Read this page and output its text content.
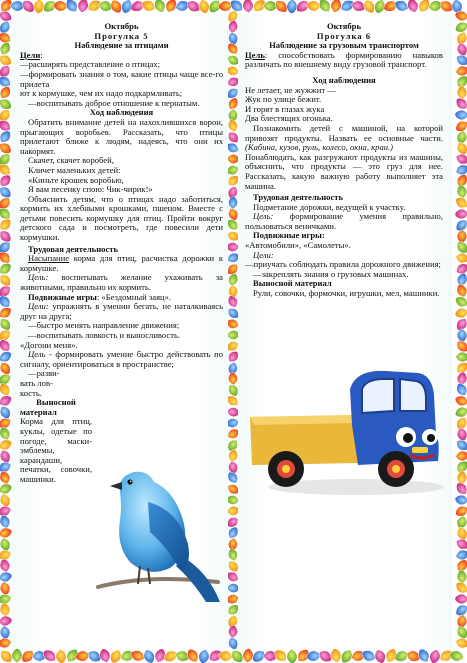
Октябрь

Прогулка 5

Наблюдение за птицами

Цели:

—расширять представление о птицах;

—формировать знания о том, какие птицы чаще все-го прилета

ют к кормушке, чем их надо подкармливать;

—воспитывать доброе отношение к пернатым.

Ход наблюдения

Обратить внимание детей на нахохлившихся ворон, прыгающих воробьев. Рассказать, что птицы прилетают ближе к людям, надеясь, что они их накормят.

Скачет, скачет воробей,

Кличет маленьких детей:

«Киньте крошек воробью,

Я вам песенку спою: Чик-чирик!»

Объяснить детям, что о птицах надо заботиться, кормить их хлебными крошками, пшеном. Вместе с детьми повесить кормушку для птиц. Пройти вокруг детского сада и посмотреть, где повесили дети кормушки.

Трудовая деятельность

Насыпание корма для птиц, расчистка дорожки к кормушке.

Цель: воспитывать желание ухаживать за животными, правильно их кормить.

Подвижные игры: «Бездомный заяц».

Цели: упражнять в умении бегать, не наталкиваясь друг на друга;

—быстро менять направление движения;

—воспитывать ловкость и выносливость.

«Догони меня».

Цель - формировать умение быстро действовать по сигналу, ориентироваться в пространстве;

—разви-

вать лов-

кость.

Выносной

материал

Корма для птиц, куклы, одетые по погоде, маски-эмблемы, карандаши, печатки, совочки, машинки.

Октябрь

Прогулка 6

Наблюдение за грузовым транспортом

Цель: способствовать формированию навыков различать по внешнему виду грузовой транспорт.

Ход наблюдения

Не летает, не жужжит —

Жук по улице бежит.

И горят в глазах жука

Два блестящих огонька.

Познакомить детей с машиной, на которой привозят продукты. Назвать ее основные части. (Кабина, кузов, руль, колесо, окна, кран.)

Понаблюдать, как разгружают продукты из машины, объяснить, что продукты — это груз для нее. Рассказать, какую важную работу выполняет эта машина.

Трудовая деятельность

Подметание дорожки, ведущей к участку.

Цель: формирование умения правильно, пользоваться веничками.

Подвижные игры:

«Автомобили», «Самолеты».

Цели:

—приучать соблюдать правила дорожного движения;

—закреплять знания о грузовых машинах.

Выносной материал

Рули, совочки, формочки, игрушки, мел, машинки.
